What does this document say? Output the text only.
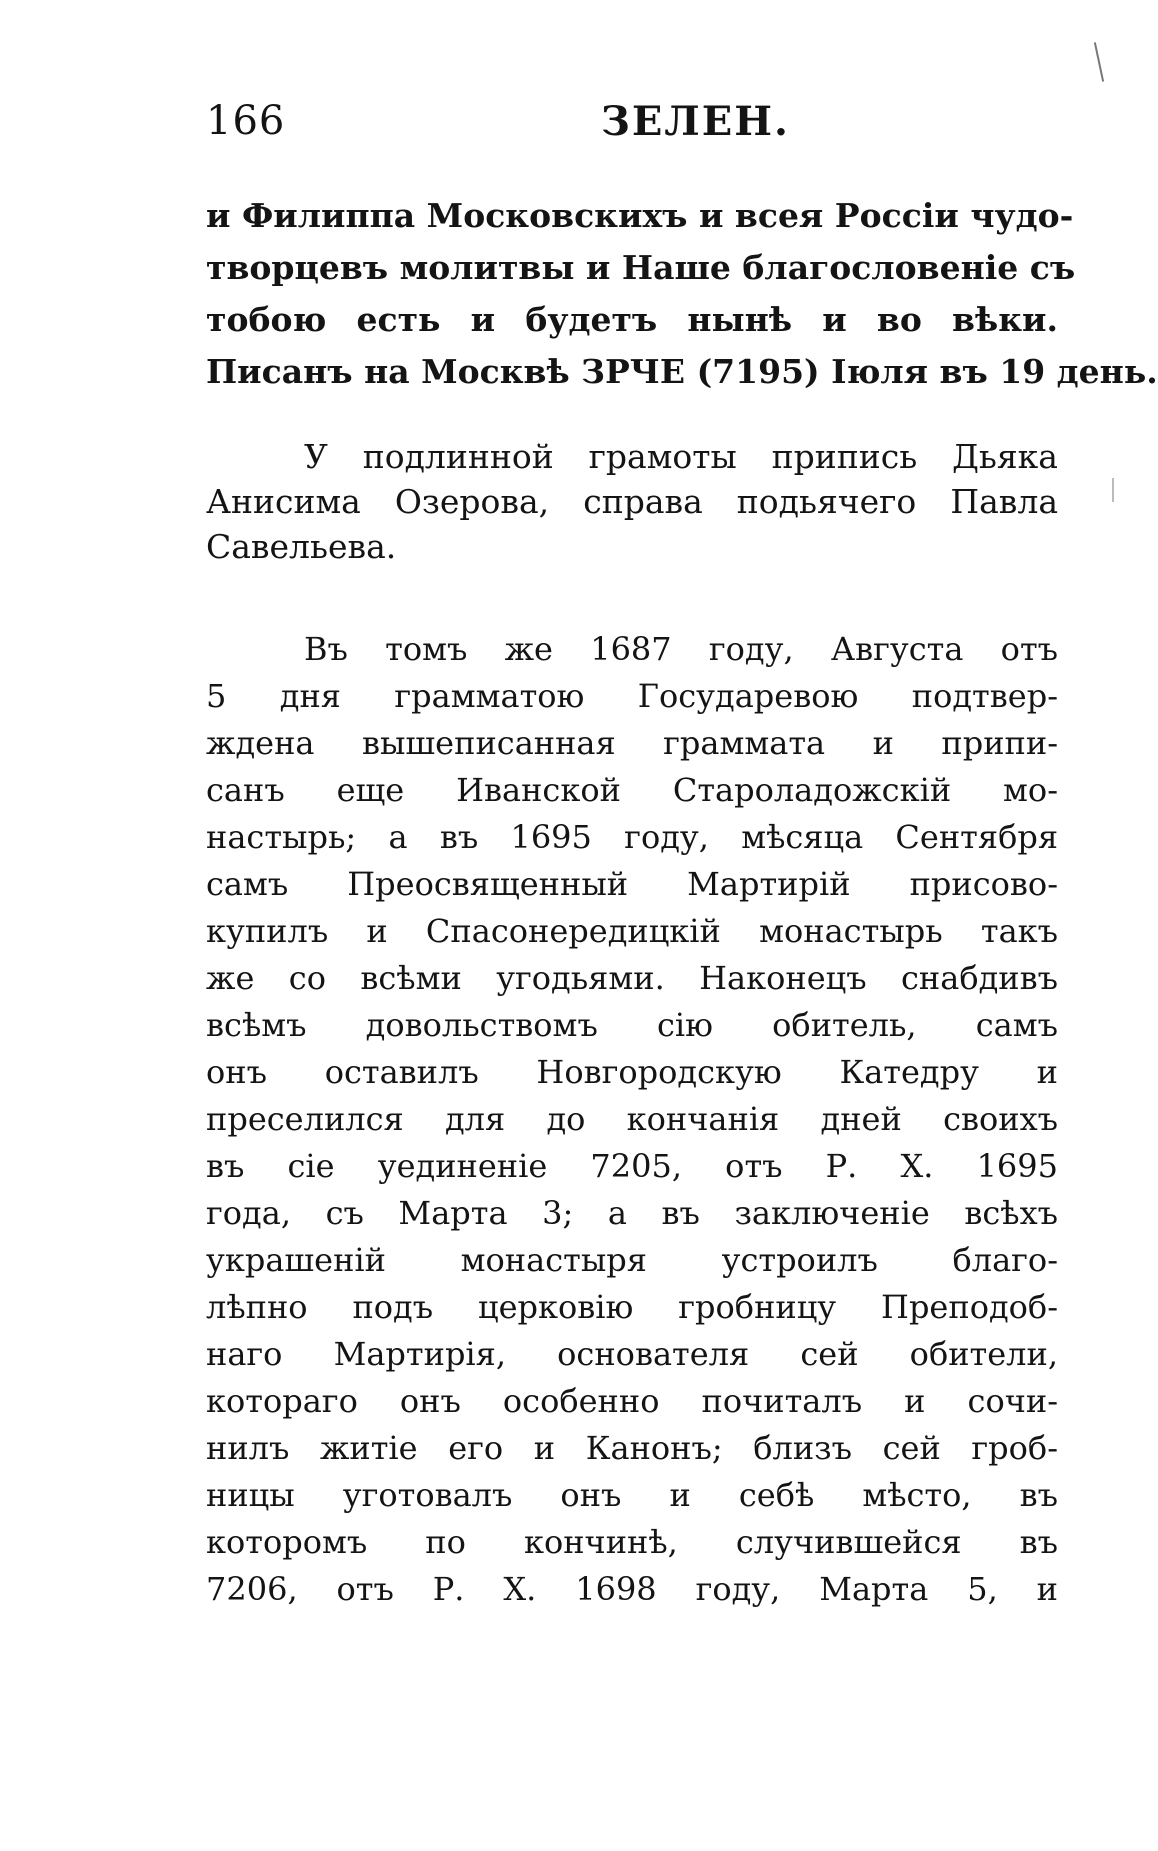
166	ЗЕЛЕН.
и Филиппа Московскихъ и всея Россіи чудо-
творцевъ молитвы и Наше благословеніе съ
тобою есть и будетъ нынѣ и во вѣки.
Писанъ на Москвѣ ЗРЧЕ (7195) Іюля въ 19 день.
У подлинной грамоты припись Дьяка
Анисима Озерова, справа подьячего Павла
Савельева.
Въ томъ же 1687 году, Августа отъ
5 дня грамматою Государевою подтвер-
ждена вышеписанная граммата и припи-
санъ еще Иванской Староладожскій мо-
настырь; а въ 1695 году, мѣсяца Сентября
самъ Преосвященный Мартирій присово-
купилъ и Спасонередицкій монастырь такъ
же со всѣми угодьями. Наконецъ снабдивъ
всѣмъ довольствомъ сію обитель, самъ
онъ оставилъ Новгородскую Катедру и
преселился для до кончанія дней своихъ
въ сіе уединеніе 7205, отъ Р. Х. 1695
года, съ Марта 3; а въ заключеніе всѣхъ
украшеній монастыря устроилъ благо-
лѣпно подъ церковію гробницу Преподоб-
наго Мартирія, основателя сей обители,
котораго онъ особенно почиталъ и сочи-
нилъ житіе его и Канонъ; близъ сей гроб-
ницы уготовалъ онъ и себѣ мѣсто, въ
которомъ по кончинѣ, случившейся въ
7206, отъ Р. Х. 1698 году, Марта 5, и
